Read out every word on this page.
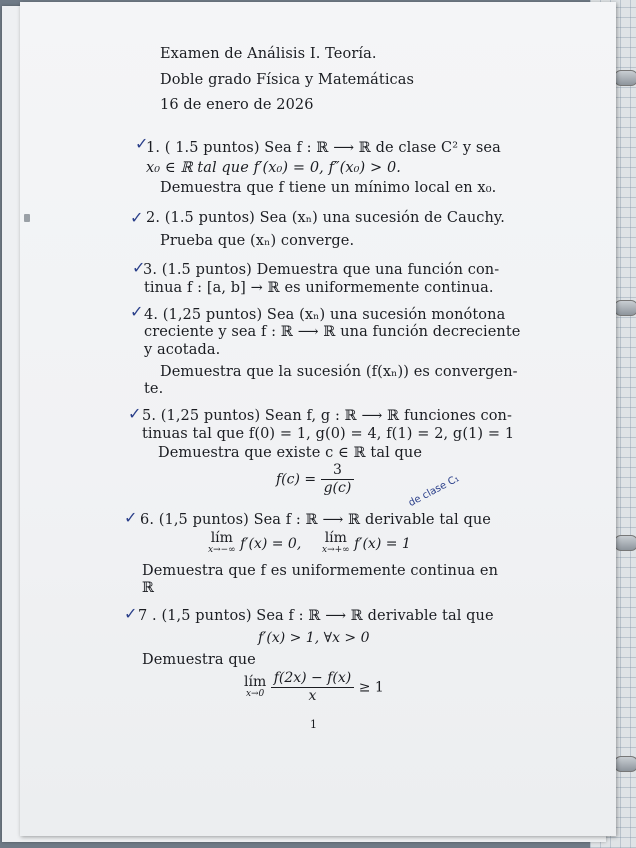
Examen de Análisis I. Teoría.
Doble grado Física y Matemáticas
16 de enero de 2026
✓
1. ( 1.5 puntos) Sea f : ℝ ⟶ ℝ de clase C² y sea
x₀ ∈ ℝ tal que f′(x₀) = 0, f″(x₀) > 0.
Demuestra que f tiene un mínimo local en x₀.
✓ 2. (1.5 puntos) Sea (xₙ) una sucesión de Cauchy.
Prueba que (xₙ) converge.
✓
3. (1.5 puntos) Demuestra que una función con-
tinua f : [a, b] → ℝ es uniformemente continua.
✓ 4. (1,25 puntos) Sea (xₙ) una sucesión monótona
creciente y sea f : ℝ ⟶ ℝ una función decreciente
y acotada.
Demuestra que la sucesión (f(xₙ)) es convergen-
te.
✓ 5. (1,25 puntos) Sean f, g : ℝ ⟶ ℝ funciones con-
tinuas tal que f(0) = 1, g(0) = 4, f(1) = 2, g(1) = 1
Demuestra que existe c ∈ ℝ tal que
$f(c) = \frac{3}{g(c)}$
✓
de clase C₁
6. (1,5 puntos) Sea f : ℝ ⟶ ℝ derivable tal que
lím
x→−∞ f′(x) = 0, lím
x→+∞ f′(x) = 1
Demuestra que f es uniformemente continua en
ℝ
✓ 7 . (1,5 puntos) Sea f : ℝ ⟶ ℝ derivable tal que
f′(x) > 1, ∀x > 0
Demuestra que
lím
x→0
$\frac{f(2x) - f(x)}{x} \ge 1$
1
